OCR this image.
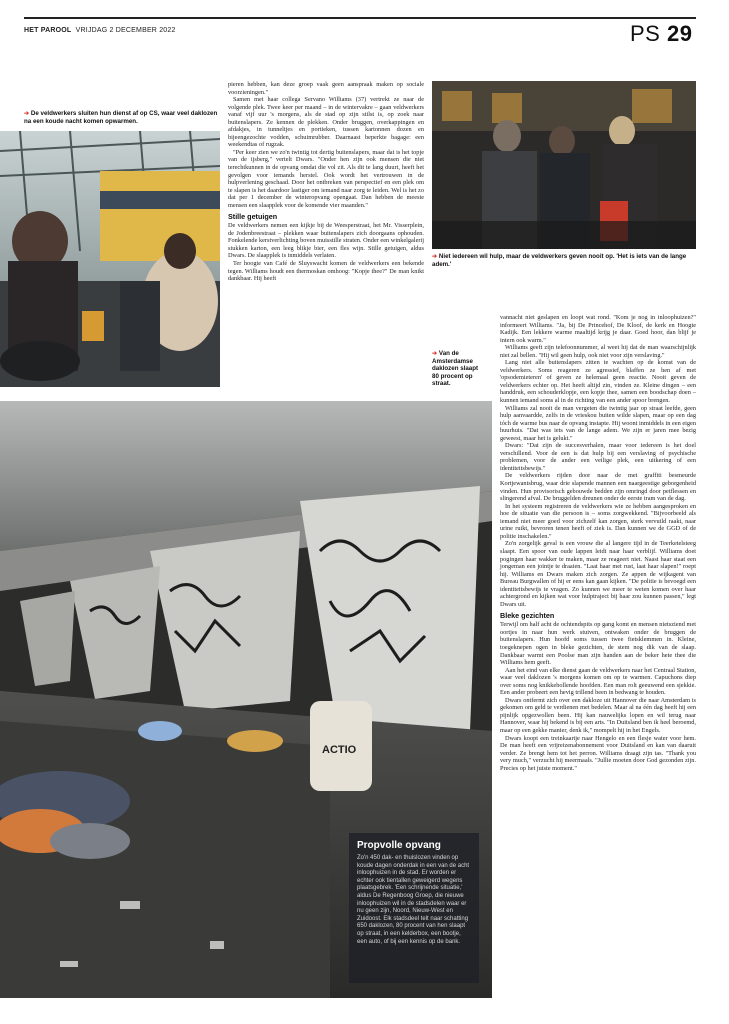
HET PAROOL VRIJDAG 2 DECEMBER 2022	PS 29
➔ De veldwerkers sluiten hun dienst af op CS, waar veel daklozen na een koude nacht komen opwarmen.

pieren hebben, kan deze groep vaak geen aanspraak maken op sociale voorzieningen."

Samen met haar collega Servano Williams (37) vertrekt ze naar de volgende plek. Twee keer per maand – in de wintervakre – gaan veldwerkers vanaf vijf uur 's morgens, als de stad op zijn stilst is, op zoek naar buitenslapers. Ze kennen de plekken. Onder bruggen, overkappingen en afdakjes, in tunneltjes en portieken, tussen kartonnen dozen en bijeengezochte vodden, schuimrubber. Daarnaast beperkte bagage: een weekendtas of rugzak.

"Per keer zien we zo'n twintig tot dertig buitenslapers, maar dat is het topje van de ijsberg," vertelt Dwars. "Onder hen zijn ook mensen die niet terechtkunnen in de opvang omdat die vol zit. Als dit te lang duurt, heeft het gevolgen voor iemands herstel. Ook wordt het vertrouwen in de hulpverlening geschaad. Door het ontbreken van perspectief en een plek om te slapen is het daardoor lastiger om iemand naar zorg te leiden. Wel is het zo dat per 1 december de winteropvang opengaat. Dan hebben de meeste mensen een slaapplek voor de komende vier maanden."

Stille getuigen

De veldwerkers nemen een kijkje bij de Weesperstraat, het Mr. Visserplein, de Jodenbreestraat – plekken waar buitenslapers zich doorgaans ophouden. Fonkelende kerstverlichting boven muisstille straten. Onder een winkelgalerij stukken karton, een leeg blikje bier, een fles wijn. Stille getuigen, aldus Dwars. De slaapplek is inmiddels verlaten.

Ter hoogte van Café de Sluyswacht komen de veldwerkers een bekende tegen. Williams houdt een thermoskan omhoog: "Kopje thee?" De man knikt dankbaar. Hij heeft

➔ Niet iedereen wil hulp, maar de veldwerkers geven nooit op. 'Het is iets van de lange adem.'
➔ Van de Amsterdamse daklozen slaapt 80 procent op straat.

vannacht niet geslapen en loopt wat rond. "Kom je nog in inloophuizen?" informeert Williams. "Ja, bij De Princehof, De Kloof, de kerk en Hoogte Kadijk. Een lekkere warme maaltijd krijg je daar. Goed hoor, dan blijf je intern ook warm."

Williams geeft zijn telefoonnummer, al weet hij dat de man waarschijnlijk niet zal bellen. "Hij wil geen hulp, ook niet voor zijn verslaving."

Lang niet alle buitenslapers zitten te wachten op de komst van de veldwerkers. Soms reageren ze agressief, blaffen ze hen af met 'opsodemieteren' of geven ze helemaal geen reactie. Nooit geven de veldwerkers echter op. Het heeft altijd zin, vinden ze. Kleine dingen – een handdruk, een schouderklopje, een kopje thee, samen een boodschap doen – kunnen iemand soms al in de richting van een ander spoor brengen.

Williams zal nooit de man vergeten die twintig jaar op straat leefde, geen hulp aanvaardde, zelfs in de vrieskou buiten wilde slapen, maar op een dag tóch de warme bus naar de opvang instapte. Hij woont inmiddels in een eigen huurhuis. "Dat was iets van de lange adem. We zijn er jaren mee bezig geweest, maar het is gelukt."

Dwars: "Dat zijn de succesverhalen, maar voor iedereen is het doel verschillend. Voor de een is dat hulp bij een verslaving of psychische problemen, voor de ander een veilige plek, een uitkering of een identiteitsbewijs."

De veldwerkers rijden door naar de met graffiti besmeurde Kortjewantsbrug, waar drie slapende mannen een naargeestige geborgenheid vinden. Hun provisorisch gebouwde bedden zijn omringd door petflessen en slingerend afval. De bruggelden dreunen onder de eerste tram van de dag.

In het systeem registreren de veldwerkers wie ze hebben aangesproken en hoe de situatie van die persoon is – soms zorgwekkend. "Bijvoorbeeld als iemand niet meer goed voor zichzelf kan zorgen, sterk vervuild raakt, naar urine ruikt, bevroren tenen heeft of ziek is. Dan kunnen we de GGD of de politie inschakelen."

Zo'n zorgelijk geval is een vrouw die al langere tijd in de Teerketelsteeg slaapt. Een spoor van oude lappen leidt naar haar verblijf. Williams doet pogingen haar wakker te maken, maar ze reageert niet. Naast haar staat een jongeman een jointje te draaien. "Laat haar met rust, laat haar slapen!" roept hij. Williams en Dwars maken zich zorgen. Ze appen de wijkagent van Bureau Burgwallen of hij er eens kan gaan kijken. "De politie is bevoegd een identiteitsbewijs te vragen. Zo kunnen we meer te weten komen over haar achtergrond en kijken wat voor hulptraject bij haar zou kunnen passen," legt Dwars uit.

Bleke gezichten

Terwijl om half acht de ochtendspits op gang komt en mensen nietsziend met oortjes in naar hun werk stuiven, ontwaken onder de bruggen de buitenslapers. Hun hoofd soms tussen twee fietsklemmen in. Kleine, toegeknepen ogen in bleke gezichten, de stem nog dik van de slaap. Dankbaar warmt een Poolse man zijn handen aan de beker hete thee die Williams hem geeft.

Aan het eind van elke dienst gaan de veldwerkers naar het Centraal Station, waar veel daklozen 's morgens komen om op te warmen. Capuchons diep over soms nog knikkebollende hoofden. Een man rolt geeuwend een sjekkie. Een ander probeert een hevig trillend been in bedwang te houden.

Dwars ontfermt zich over een dakloze uit Hannover die naar Amsterdam is gekomen om geld te verdienen met bedelen. Maar al na één dag heeft hij een pijnlijk opgezwollen been. Hij kan nauwelijks lopen en wil terug naar Hannover, waar hij bekend is bij een arts. "In Duitsland ben ik heel beroemd, maar op een gekke manier, denk ik," mompelt hij in het Engels.

Dwars koopt een treinkaartje naar Hengelo en een flesje water voor hem. De man heeft een vrijreizenabonnement voor Duitsland en kan van daaruit verder. Ze brengt hem tot het perron. Williams draagt zijn tas. "Thank you very much," verzucht hij meermaals. "Jullie moeten door God gezonden zijn. Precies op het juiste moment."

ACTIO
Propvolle opvang
Zo'n 450 dak- en thuislozen vinden op koude dagen onderdak in een van de acht inloophuizen in de stad. Er worden er echter ook tientallen geweigerd wegens plaatsgebrek. 'Een schrijnende situatie,' aldus De Regenboog Groep, die nieuwe inloophuizen wil in de stadsdelen waar er nu geen zijn, Noord, Nieuw-West en Zuidoost. Elk stadsdeel telt naar schatting 650 daklozen, 80 procent van hen slaapt op straat, in een kelderbox, een bootje, een auto, of bij een kennis op de bank.
